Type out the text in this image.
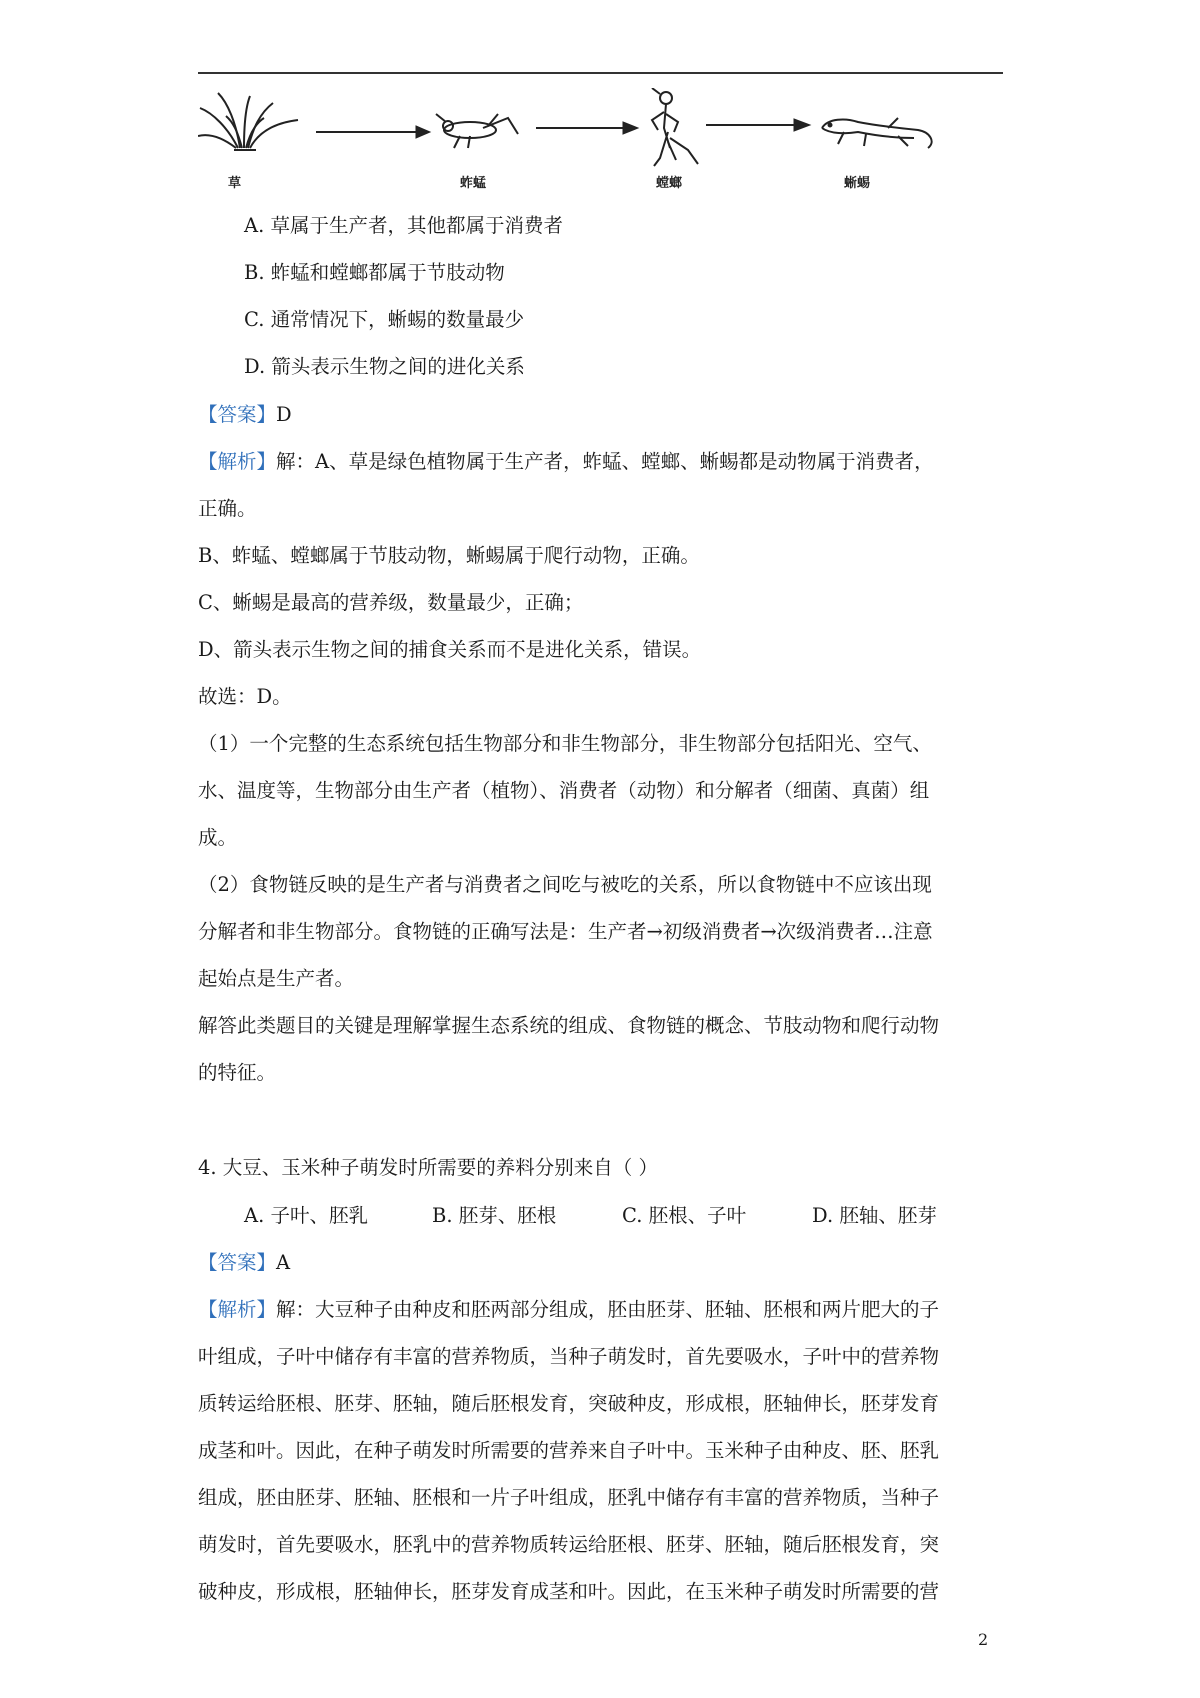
草	蚱蜢	螳螂	蜥蜴
A. 草属于生产者，其他都属于消费者
B. 蚱蜢和螳螂都属于节肢动物
C. 通常情况下，蜥蜴的数量最少
D. 箭头表示生物之间的进化关系
【答案】D
【解析】解：A、草是绿色植物属于生产者，蚱蜢、螳螂、蜥蜴都是动物属于消费者，
正确。
B、蚱蜢、螳螂属于节肢动物，蜥蜴属于爬行动物，正确。
C、蜥蜴是最高的营养级，数量最少，正确；
D、箭头表示生物之间的捕食关系而不是进化关系，错误。
故选：D。
（1）一个完整的生态系统包括生物部分和非生物部分，非生物部分包括阳光、空气、
水、温度等，生物部分由生产者（植物）、消费者（动物）和分解者（细菌、真菌）组
成。
（2）食物链反映的是生产者与消费者之间吃与被吃的关系，所以食物链中不应该出现
分解者和非生物部分。食物链的正确写法是：生产者→初级消费者→次级消费者…注意
起始点是生产者。
解答此类题目的关键是理解掌握生态系统的组成、食物链的概念、节肢动物和爬行动物
的特征。
4. 大豆、玉米种子萌发时所需要的养料分别来自（ ）
A. 子叶、胚乳	B. 胚芽、胚根	C. 胚根、子叶	D. 胚轴、胚芽
【答案】A
【解析】解：大豆种子由种皮和胚两部分组成，胚由胚芽、胚轴、胚根和两片肥大的子
叶组成，子叶中储存有丰富的营养物质，当种子萌发时，首先要吸水，子叶中的营养物
质转运给胚根、胚芽、胚轴，随后胚根发育，突破种皮，形成根，胚轴伸长，胚芽发育
成茎和叶。因此，在种子萌发时所需要的营养来自子叶中。玉米种子由种皮、胚、胚乳
组成，胚由胚芽、胚轴、胚根和一片子叶组成，胚乳中储存有丰富的营养物质，当种子
萌发时，首先要吸水，胚乳中的营养物质转运给胚根、胚芽、胚轴，随后胚根发育，突
破种皮，形成根，胚轴伸长，胚芽发育成茎和叶。因此，在玉米种子萌发时所需要的营
2
